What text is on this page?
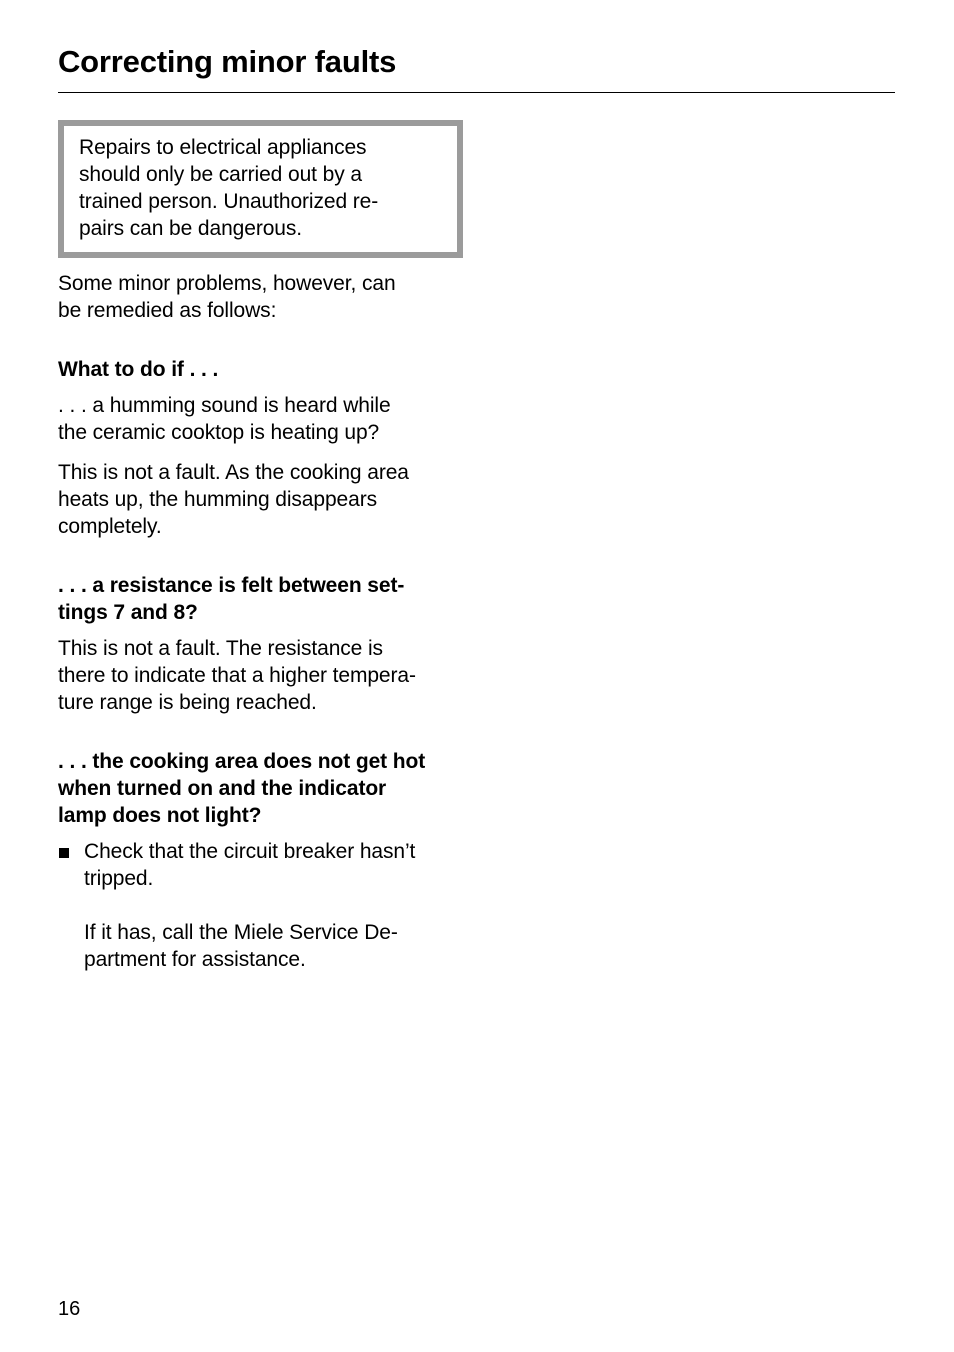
Correcting minor faults

Repairs to electrical appliances
should only be carried out by a
trained person. Unauthorized re-
pairs can be dangerous.

Some minor problems, however, can
be remedied as follows:

What to do if . . .

. . . a humming sound is heard while
the ceramic cooktop is heating up?

This is not a fault. As the cooking area
heats up, the humming disappears
completely.

. . . a resistance is felt between set-
tings 7 and 8?

This is not a fault. The resistance is
there to indicate that a higher tempera-
ture range is being reached.

. . . the cooking area does not get hot
when turned on and the indicator
lamp does not light?

Check that the circuit breaker hasn’t
tripped.

If it has, call the Miele Service De-
partment for assistance.

16
